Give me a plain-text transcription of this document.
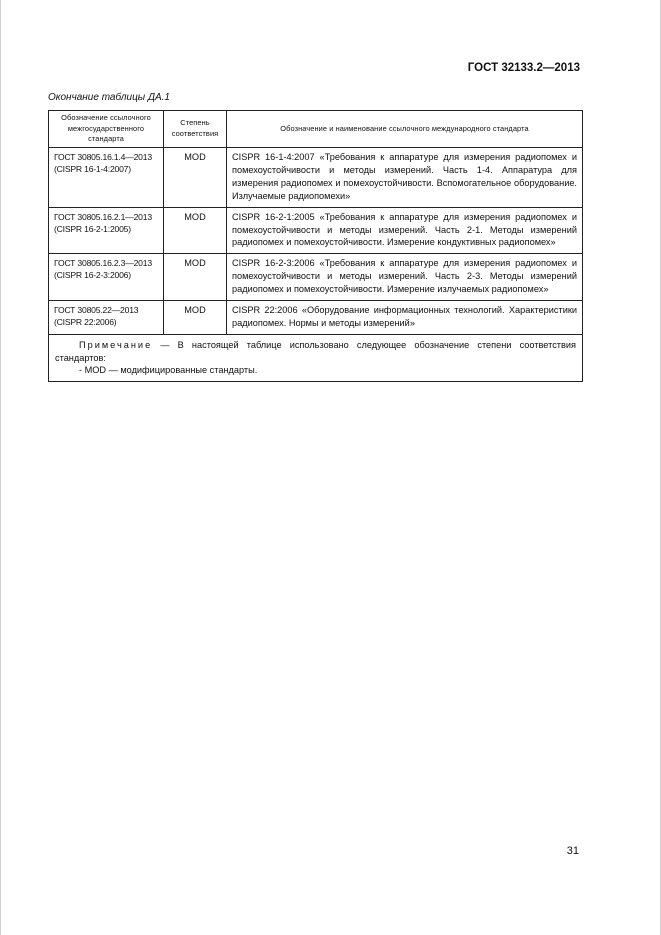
ГОСТ 32133.2—2013
Окончание таблицы ДА.1
Обозначение ссылочного межгосударственного стандарта	Степень соответствия	Обозначение и наименование ссылочного международного стандарта
ГОСТ 30805.16.1.4—2013 (CISPR 16-1-4:2007)	MOD	CISPR 16-1-4:2007 «Требования к аппаратуре для измерения радиопомех и помехоустойчивости и методы измерений. Часть 1-4. Аппаратура для измерения радиопомех и помехоустойчивости. Вспомогательное оборудование. Излучаемые радиопомехи»
ГОСТ 30805.16.2.1—2013 (CISPR 16-2-1:2005)	MOD	CISPR 16-2-1:2005 «Требования к аппаратуре для измерения радиопомех и помехоустойчивости и методы измерений. Часть 2-1. Методы измерений радиопомех и помехоустойчивости. Измерение кондуктивных радиопомех»
ГОСТ 30805.16.2.3—2013 (CISPR 16-2-3:2006)	MOD	CISPR 16-2-3:2006 «Требования к аппаратуре для измерения радиопомех и помехоустойчивости и методы измерений. Часть 2-3. Методы измерений радиопомех и помехоустойчивости. Измерение излучаемых радиопомех»
ГОСТ 30805.22—2013 (CISPR 22:2006)	MOD	CISPR 22:2006 «Оборудование информационных технологий. Характеристики радиопомех. Нормы и методы измерений»
Примечание — В настоящей таблице использовано следующее обозначение степени соответствия стандартов:
- MOD — модифицированные стандарты.		
31
